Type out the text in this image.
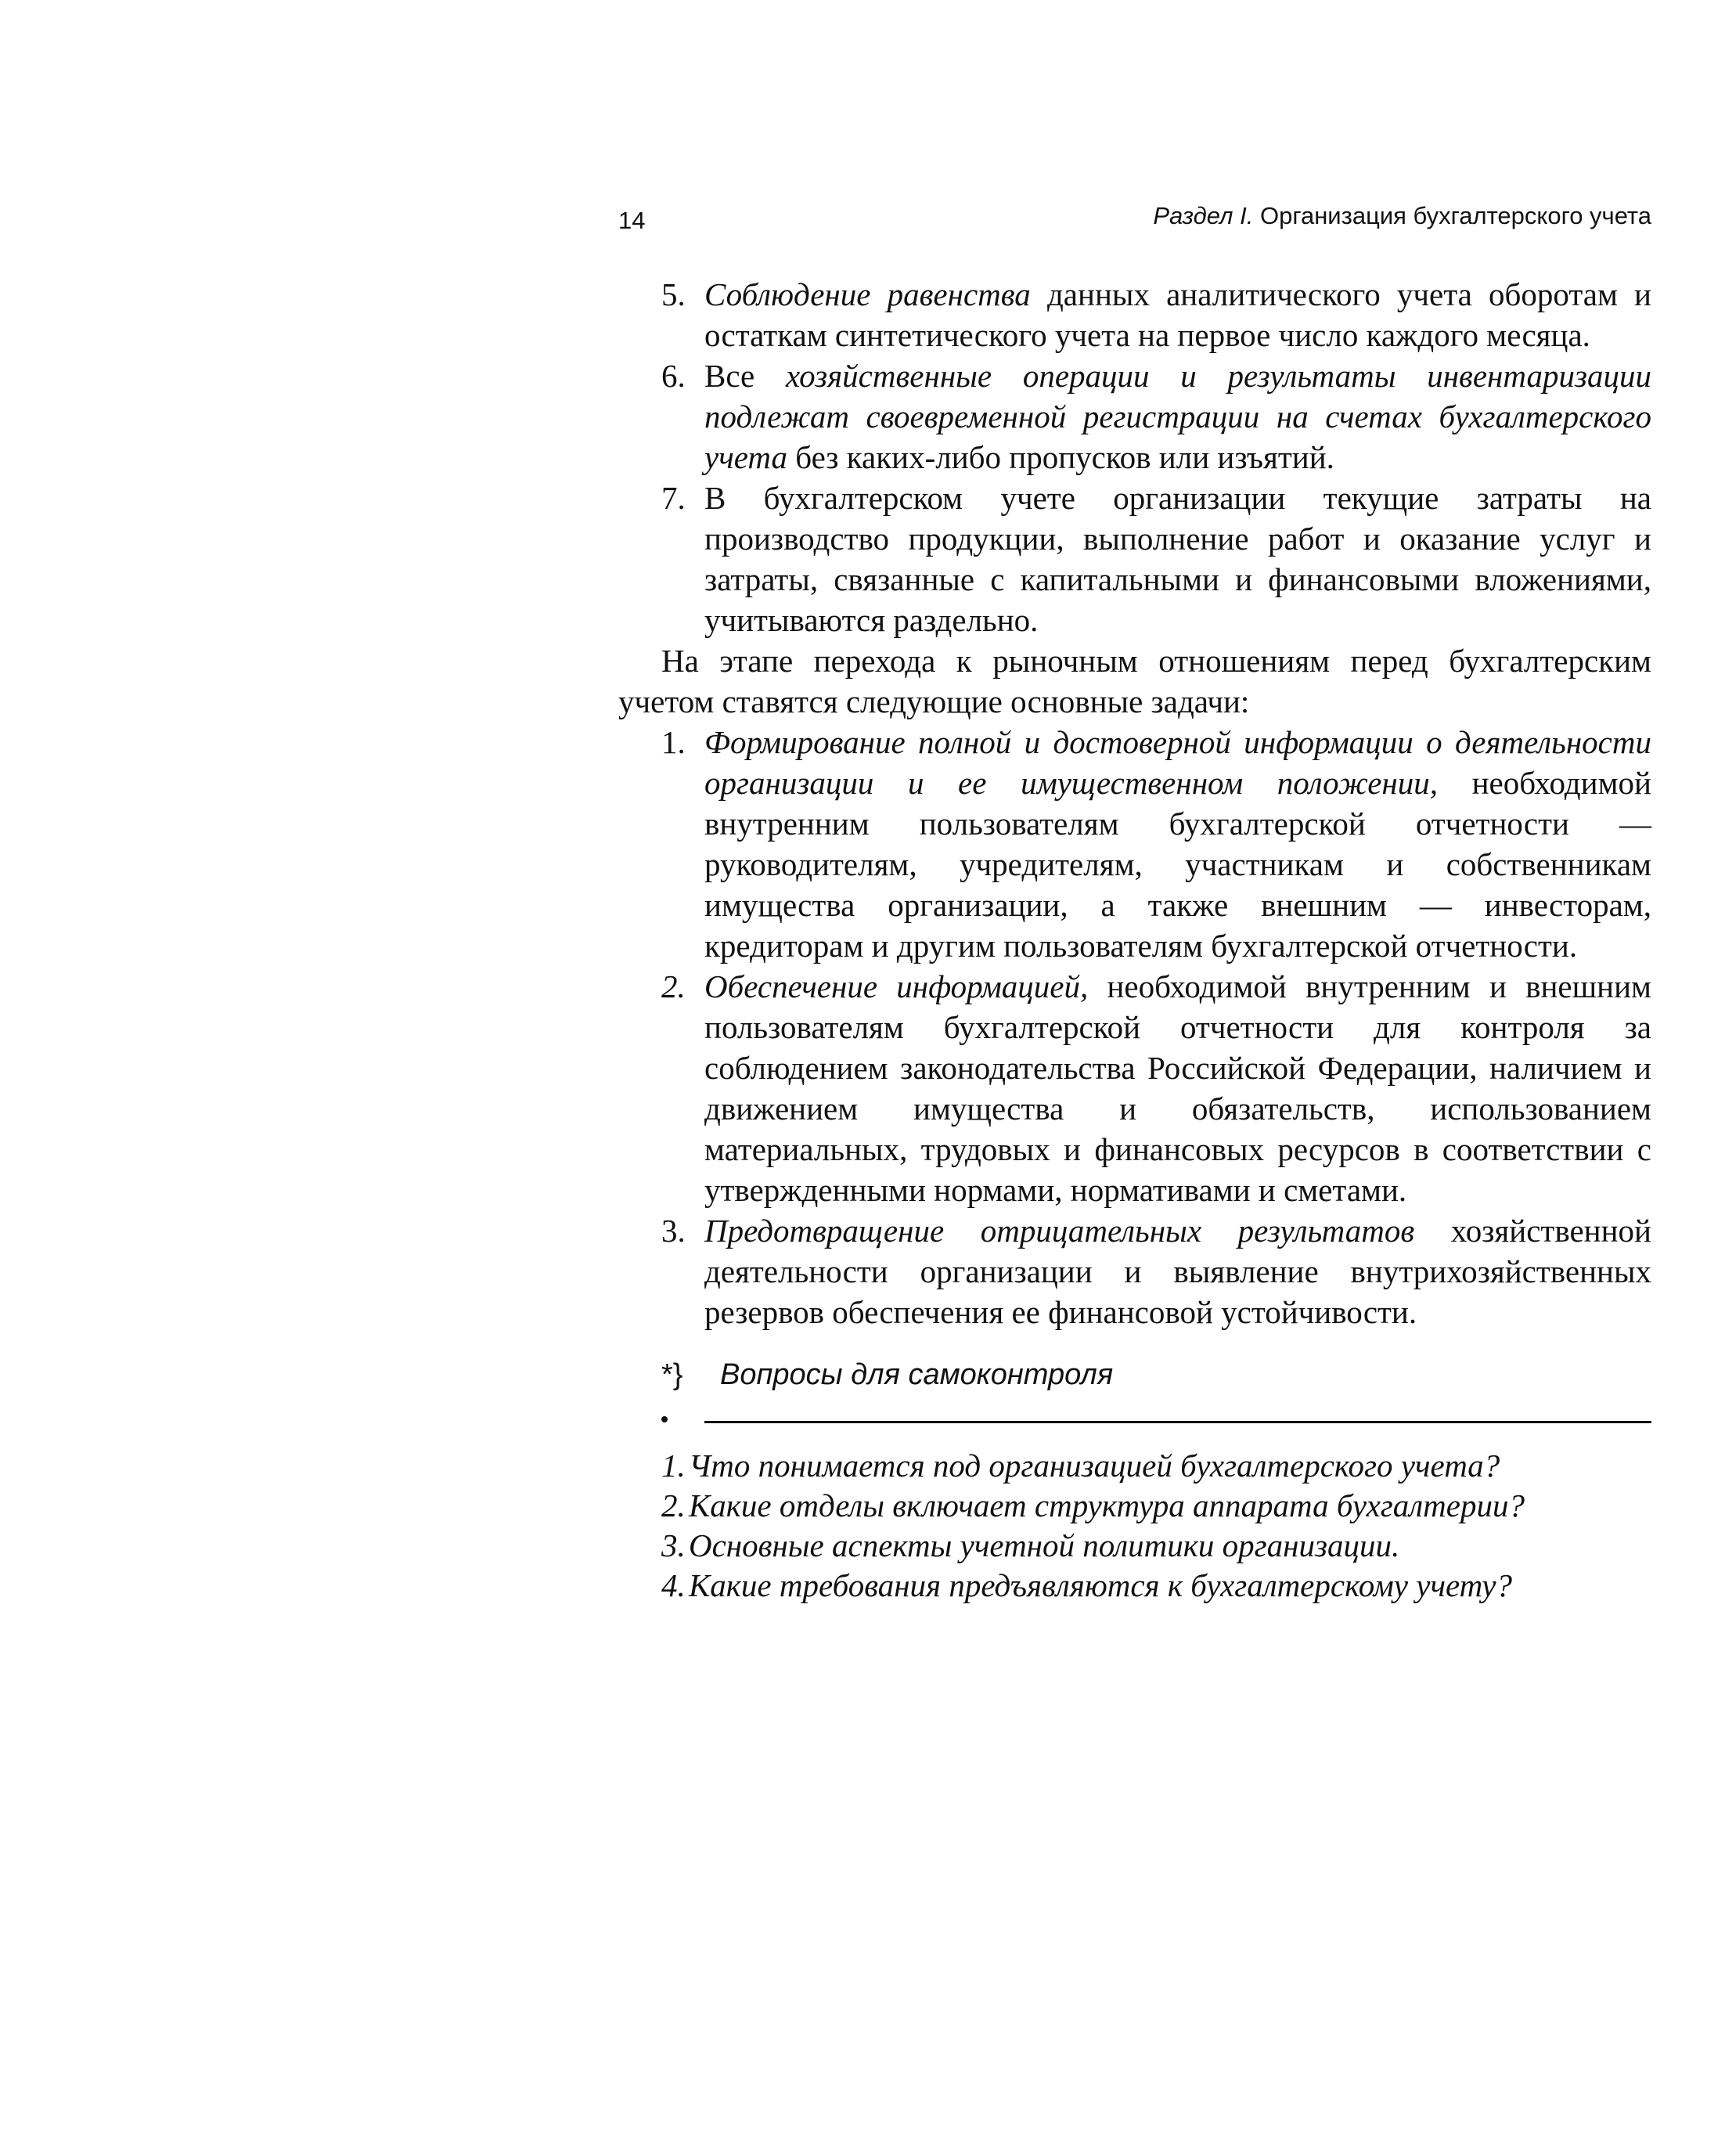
14	Раздел I. Организация бухгалтерского учета
5. Соблюдение равенства данных аналитического учета оборотам и остаткам синтетического учета на первое число каждого месяца.

6. Все хозяйственные операции и результаты инвентаризации подлежат своевременной регистрации на счетах бухгалтерского учета без каких-либо пропусков или изъятий.

7. В бухгалтерском учете организации текущие затраты на производство продукции, выполнение работ и оказание услуг и затраты, связанные с капитальными и финансовыми вложениями, учитываются раздельно.

На этапе перехода к рыночным отношениям перед бухгалтерским учетом ставятся следующие основные задачи:

1. Формирование полной и достоверной информации о деятельности организации и ее имущественном положении, необходимой внутренним пользователям бухгалтерской отчетности — руководителям, учредителям, участникам и собственникам имущества организации, а также внешним — инвесторам, кредиторам и другим пользователям бухгалтерской отчетности.

2. Обеспечение информацией, необходимой внутренним и внешним пользователям бухгалтерской отчетности для контроля за соблюдением законодательства Российской Федерации, наличием и движением имущества и обязательств, использованием материальных, трудовых и финансовых ресурсов в соответствии с утвержденными нормами, нормативами и сметами.

3. Предотвращение отрицательных результатов хозяйственной деятельности организации и выявление внутрихозяйственных резервов обеспечения ее финансовой устойчивости.

*} Вопросы для самоконтроля
1. Что понимается под организацией бухгалтерского учета?
2. Какие отделы включает структура аппарата бухгалтерии?
3. Основные аспекты учетной политики организации.
4. Какие требования предъявляются к бухгалтерскому учету?
